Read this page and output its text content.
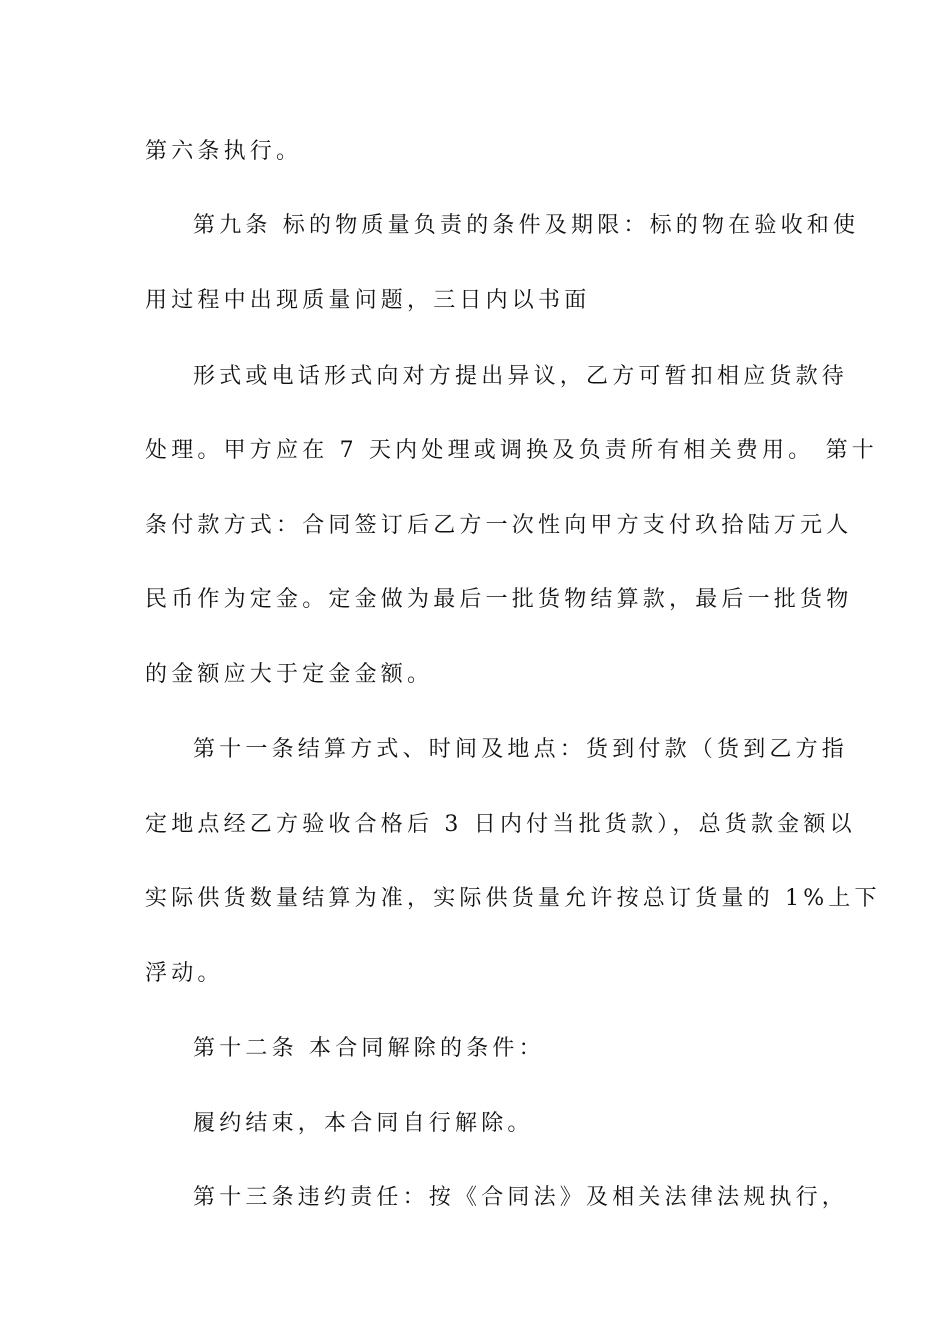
第六条执行。
第九条 标的物质量负责的条件及期限：标的物在验收和使
用过程中出现质量问题，三日内以书面
形式或电话形式向对方提出异议，乙方可暂扣相应货款待
处理。甲方应在 7 天内处理或调换及负责所有相关费用。 第十
条付款方式：合同签订后乙方一次性向甲方支付玖拾陆万元人
民币作为定金。定金做为最后一批货物结算款，最后一批货物
的金额应大于定金金额。
第十一条结算方式、时间及地点：货到付款（货到乙方指
定地点经乙方验收合格后 3 日内付当批货款），总货款金额以
实际供货数量结算为准，实际供货量允许按总订货量的 1%上下
浮动。
第十二条 本合同解除的条件：
履约结束，本合同自行解除。
第十三条违约责任：按《合同法》及相关法律法规执行，
